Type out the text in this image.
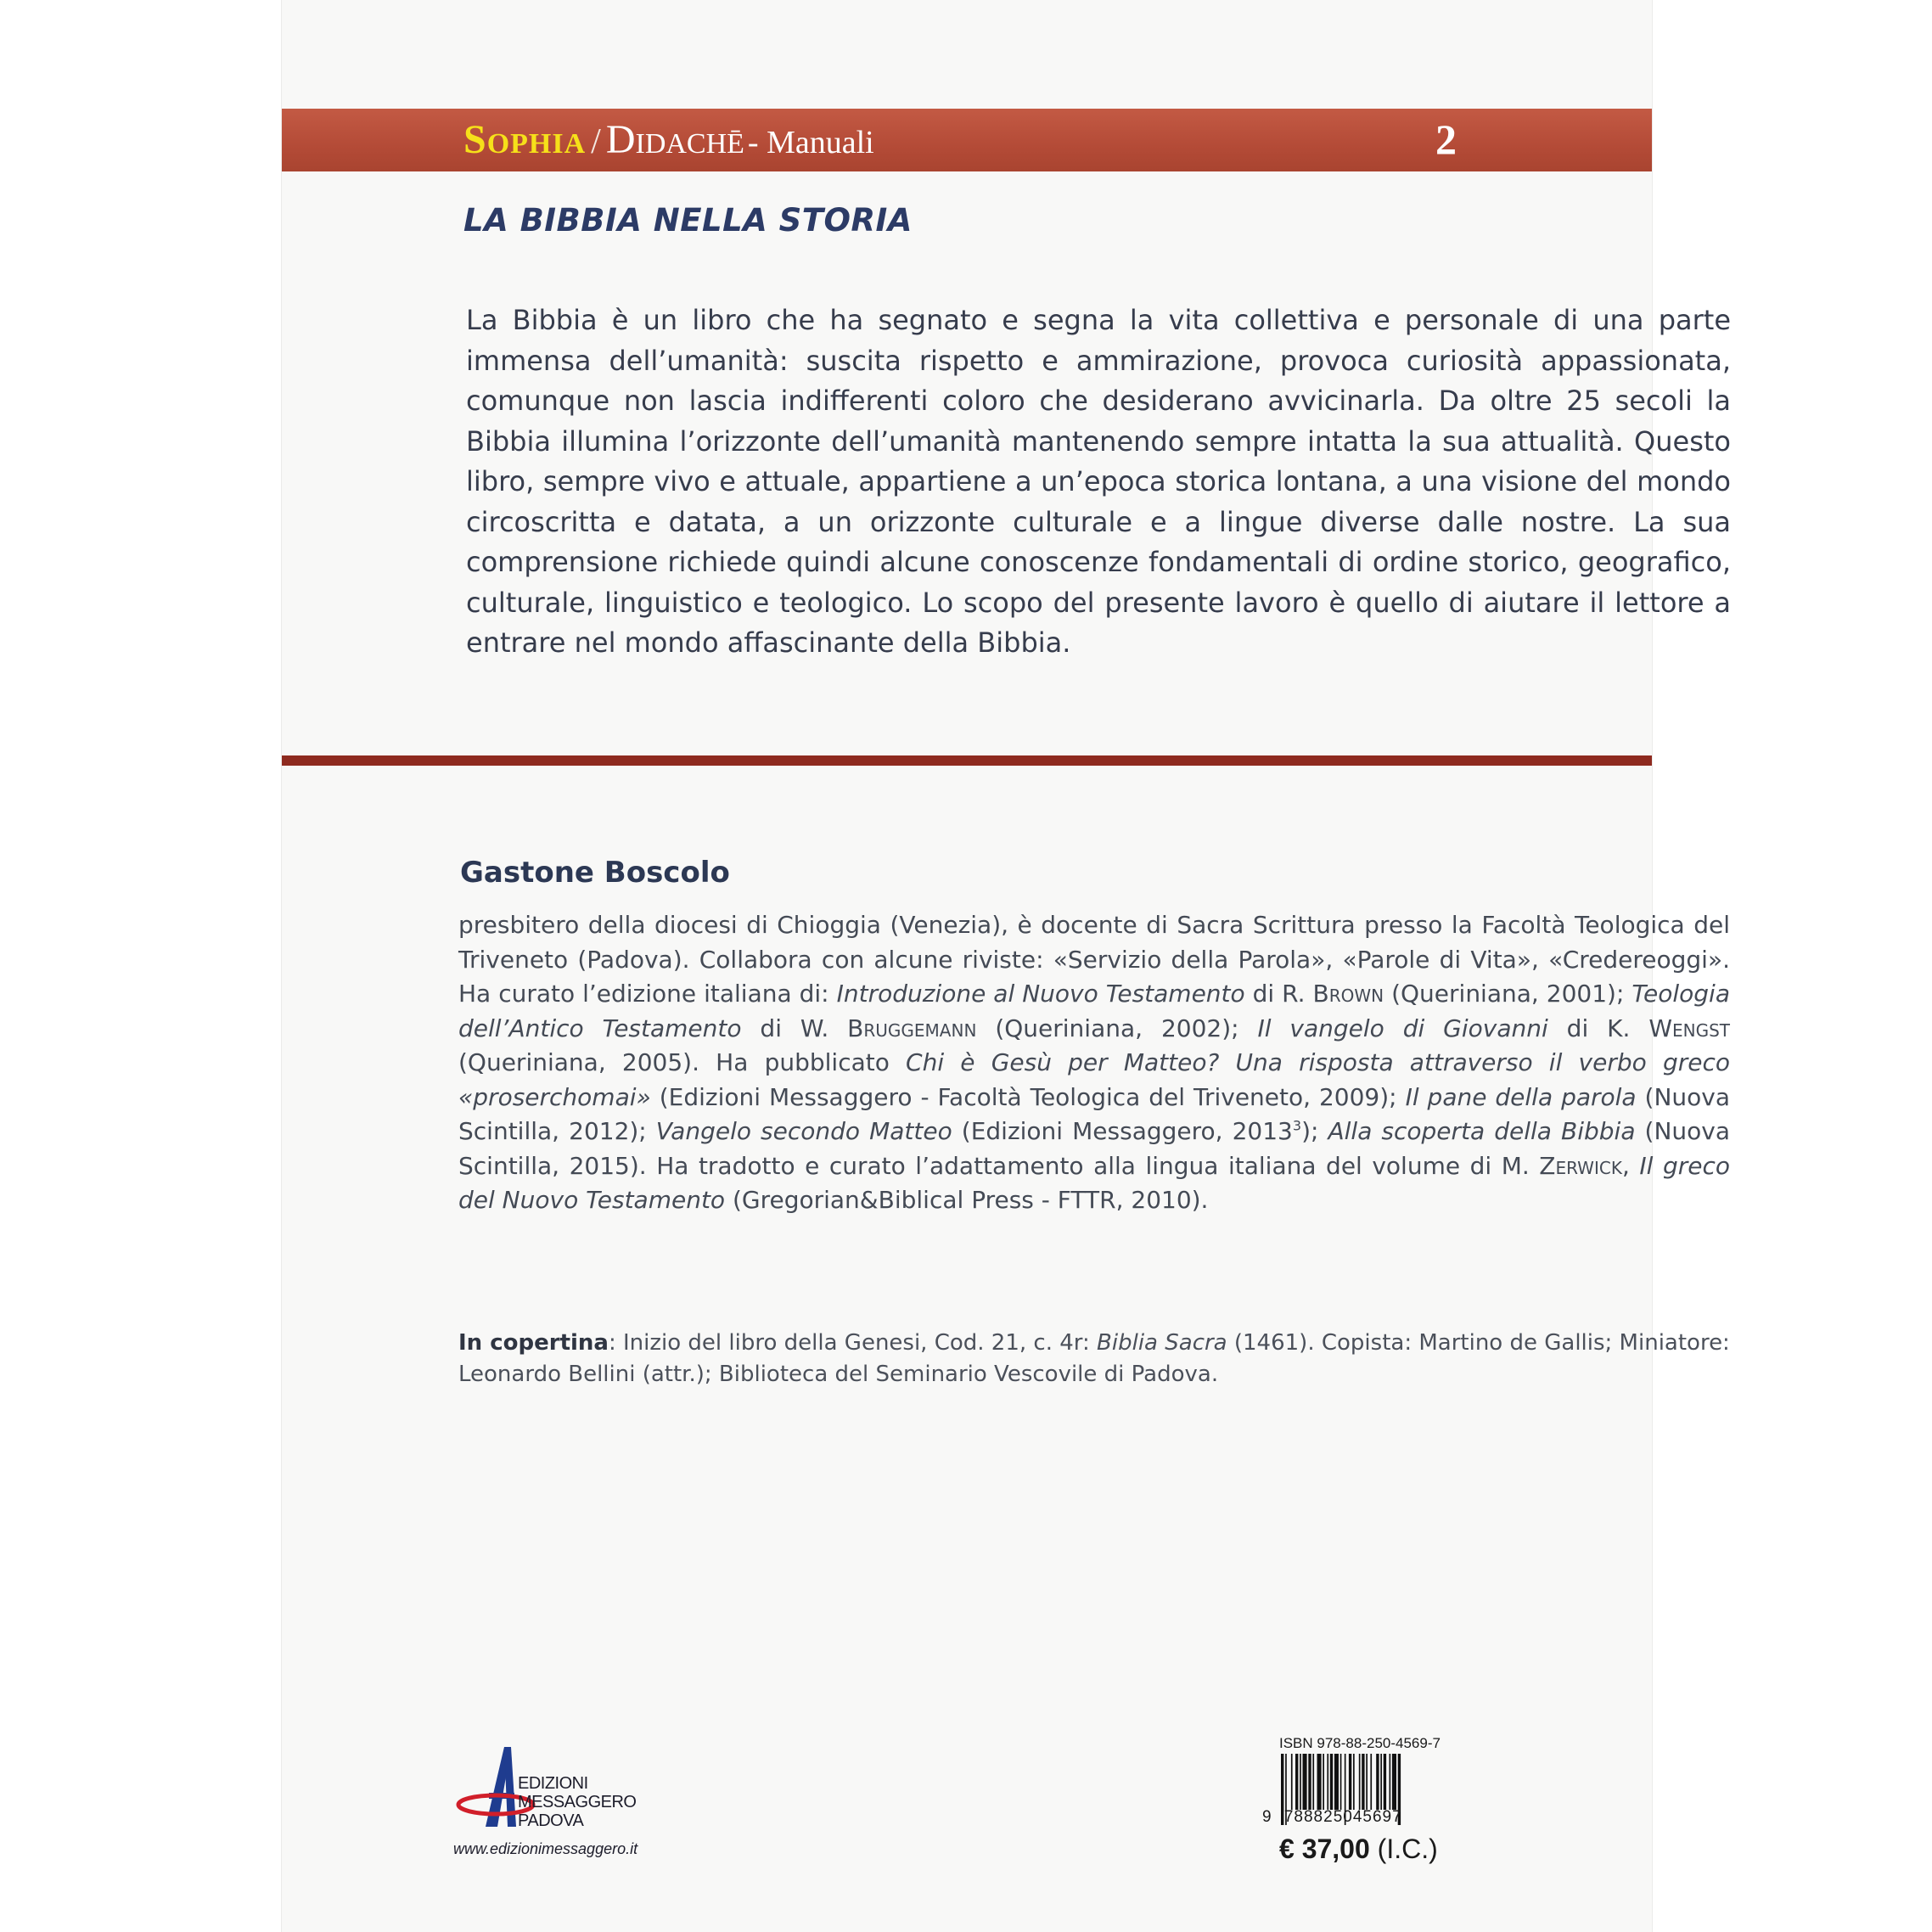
Sophia / Didachē - Manuali	2
LA BIBBIA NELLA STORIA
La Bibbia è un libro che ha segnato e segna la vita collettiva e personale di una parte immensa dell’umanità: suscita rispetto e ammirazione, provoca curiosità appassionata, comunque non lascia indifferenti coloro che desiderano avvicinarla. Da oltre 25 secoli la Bibbia illumina l’orizzonte dell’umanità mantenendo sempre intatta la sua attualità. Questo libro, sempre vivo e attuale, appartiene a un’epoca storica lontana, a una visione del mondo circoscritta e datata, a un orizzonte culturale e a lingue diverse dalle nostre. La sua comprensione richiede quindi alcune conoscenze fondamentali di ordine storico, geografico, culturale, linguistico e teologico. Lo scopo del presente lavoro è quello di aiutare il lettore a entrare nel mondo affascinante della Bibbia.
Gastone Boscolo
presbitero della diocesi di Chioggia (Venezia), è docente di Sacra Scrittura presso la Facoltà Teologica del Triveneto (Padova). Collabora con alcune riviste: «Servizio della Parola», «Parole di Vita», «Credereoggi». Ha curato l’edizione italiana di: Introduzione al Nuovo Testamento di R. Brown (Queriniana, 2001); Teologia dell’Antico Testamento di W. Bruggemann (Queriniana, 2002); Il vangelo di Giovanni di K. Wengst (Queriniana, 2005). Ha pubblicato Chi è Gesù per Matteo? Una risposta attraverso il verbo greco «proserchomai» (Edizioni Messaggero - Facoltà Teologica del Triveneto, 2009); Il pane della parola (Nuova Scintilla, 2012); Vangelo secondo Matteo (Edizioni Messaggero, 2013$^3$); Alla scoperta della Bibbia (Nuova Scintilla, 2015). Ha tradotto e curato l’adattamento alla lingua italiana del volume di M. Zerwick, Il greco del Nuovo Testamento (Gregorian&Biblical Press - FTTR, 2010).
In copertina: Inizio del libro della Genesi, Cod. 21, c. 4r: Biblia Sacra (1461). Copista: Martino de Gallis; Miniatore: Leonardo Bellini (attr.); Biblioteca del Seminario Vescovile di Padova.
EDIZIONI
MESSAGGERO
PADOVA
www.edizionimessaggero.it
ISBN 978-88-250-4569-7
9 788825045697
€ 37,00 (I.C.)
